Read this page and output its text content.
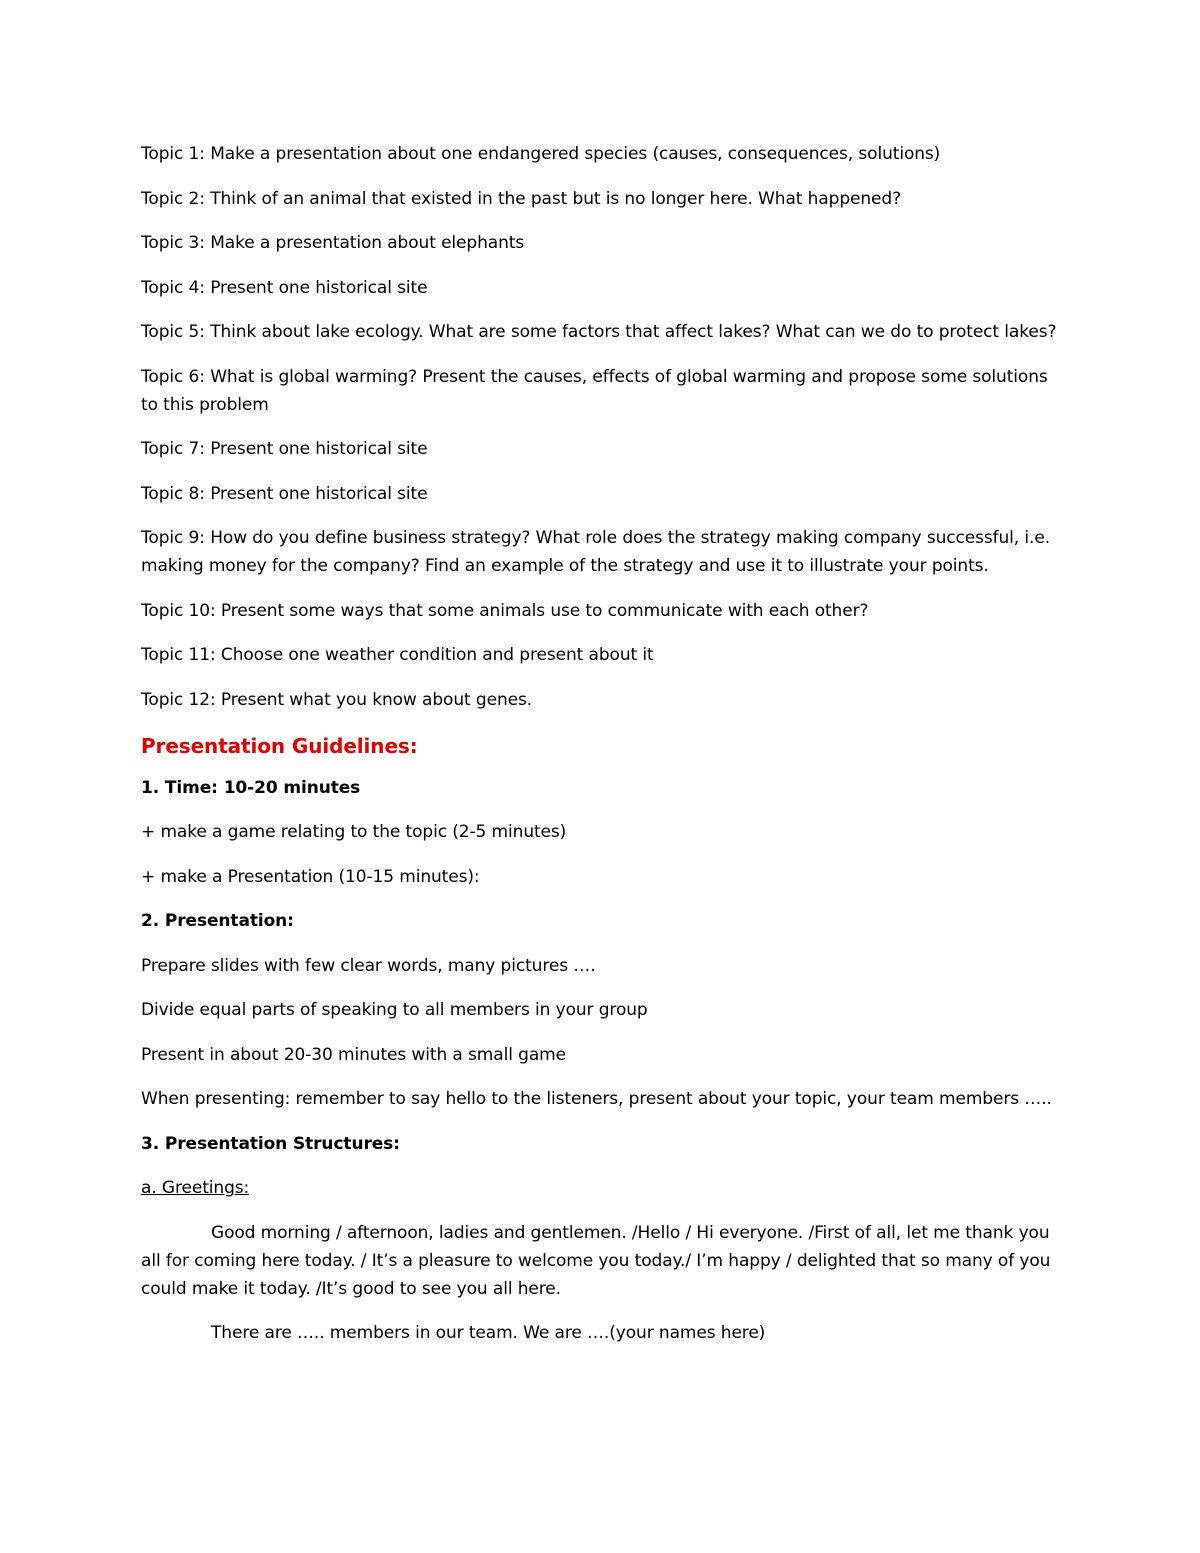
Topic 1: Make a presentation about one endangered species (causes, consequences, solutions)

Topic 2: Think of an animal that existed in the past but is no longer here. What happened?

Topic 3: Make a presentation about elephants

Topic 4: Present one historical site

Topic 5: Think about lake ecology. What are some factors that affect lakes? What can we do to protect lakes?

Topic 6: What is global warming? Present the causes, effects of global warming and propose some solutions to this problem

Topic 7: Present one historical site

Topic 8: Present one historical site

Topic 9: How do you define business strategy? What role does the strategy making company successful, i.e. making money for the company? Find an example of the strategy and use it to illustrate your points.

Topic 10: Present some ways that some animals use to communicate with each other?

Topic 11: Choose one weather condition and present about it

Topic 12: Present what you know about genes.

Presentation Guidelines:

1. Time: 10-20 minutes

+ make a game relating to the topic (2-5 minutes)

+ make a Presentation (10-15 minutes):

2. Presentation:

Prepare slides with few clear words, many pictures ….

Divide equal parts of speaking to all members in your group

Present in about 20-30 minutes with a small game

When presenting: remember to say hello to the listeners, present about your topic, your team members …..

3. Presentation Structures:

a. Greetings:

Good morning / afternoon, ladies and gentlemen. /Hello / Hi everyone. /First of all, let me thank you all for coming here today. / It’s a pleasure to welcome you today./ I’m happy / delighted that so many of you could make it today. /It’s good to see you all here.

There are ….. members in our team. We are ….(your names here)
